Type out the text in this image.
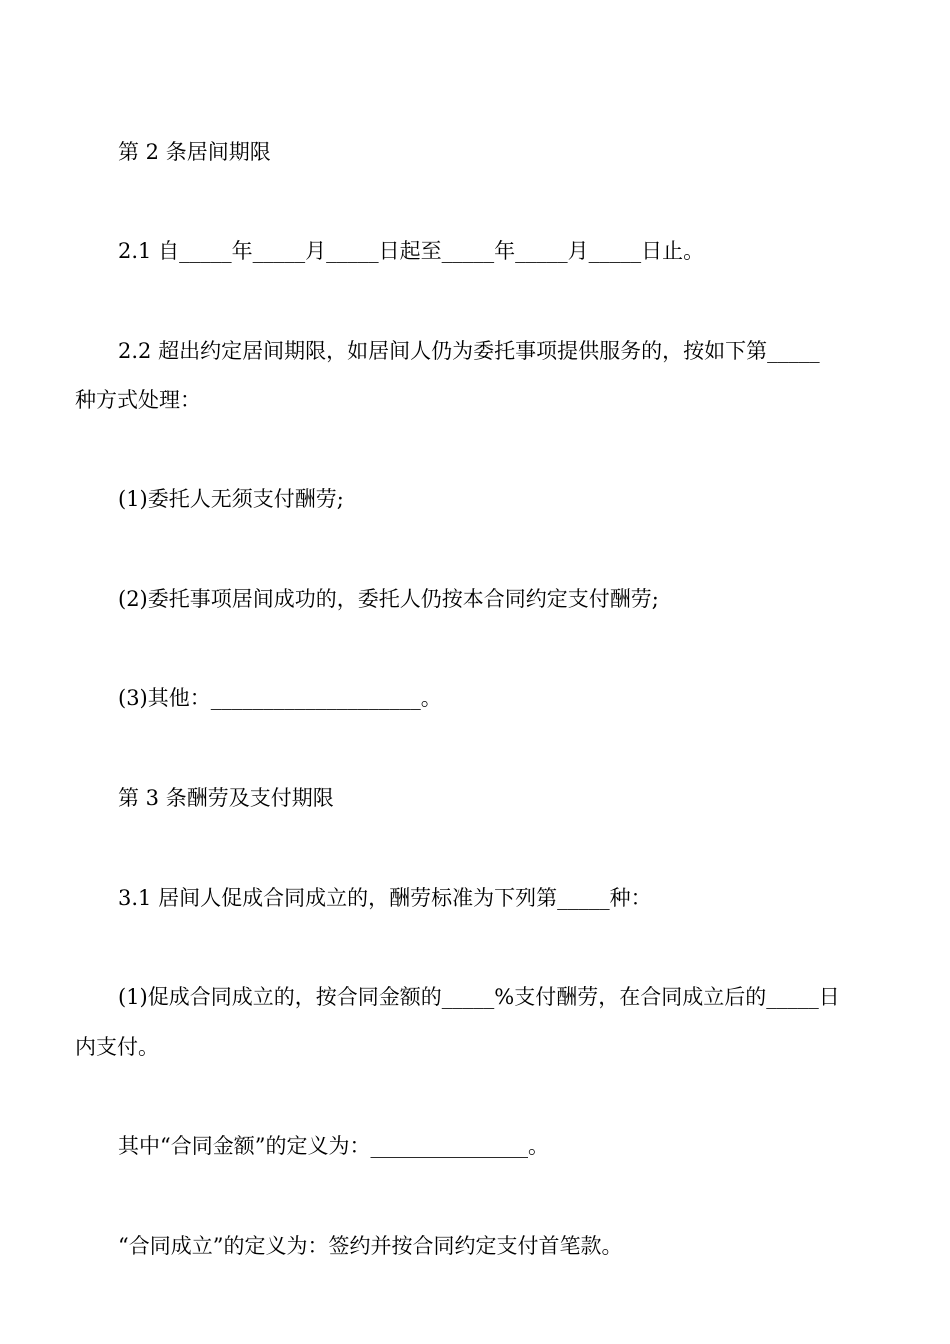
第 2 条居间期限
2.1 自_____年_____月_____日起至_____年_____月_____日止。
2.2 超出约定居间期限，如居间人仍为委托事项提供服务的，按如下第_____
种方式处理：
(1)委托人无须支付酬劳;
(2)委托事项居间成功的，委托人仍按本合同约定支付酬劳;
(3)其他：____________________。
第 3 条酬劳及支付期限
3.1 居间人促成合同成立的，酬劳标准为下列第_____种：
(1)促成合同成立的，按合同金额的_____%支付酬劳，在合同成立后的_____日
内支付。
其中“合同金额”的定义为：_______________。
“合同成立”的定义为：签约并按合同约定支付首笔款。
